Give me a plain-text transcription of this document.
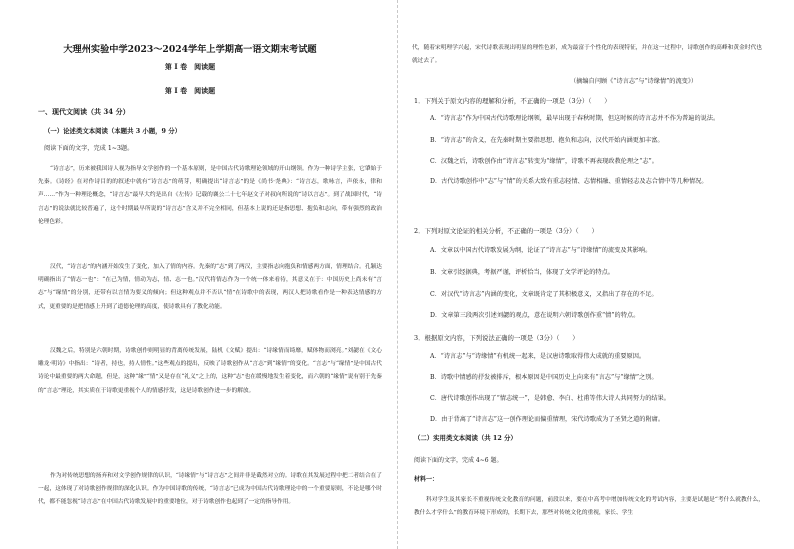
大理州实验中学2023～2024学年上学期高一语文期末考试题
第 I 卷　阅读题
第 I 卷　阅读题
一、现代文阅读（共 34 分）
（一）论述类文本阅读（本题共 3 小题，9 分）
阅读下面的文字，完成 1~3题。
“诗言志”，历来被我国诗人视为指导文学创作的一个基本原则，是中国古代诗歌理论领域的开山纲领。作为一种诗学主张，它肇始于先秦。《诗经》在对作诗目的的叙述中就有“诗言志”的萌芽，明确提出“诗言志”的是《尚书·尧典》：“诗言志，歌咏言，声依永，律和声……”作为一种理论概念，“诗言志”最早大约是出自《左传》记载的襄公二十七年赵文子对叔向所说的“诗以言志”。到了战国时代，“诗言志”的说法就比较普遍了，这个时期最早所说的“诗言志”含义并不完全相同，但基本上说的还是指思想、抱负和志向，带有强烈的政治伦理色彩。
汉代，“诗言志”的内涵开始发生了变化，加入了情的内容。先秦的“志”到了两汉，主要指志向抱负和情感两方面，情理结合。孔颖达明确指出了“情志一也”：“在己为情，情动为志，情、志一也。”汉代将情志作为一个统一体来看待，其意义在于：中国历史上尚未有“言志”与“缘情”的分别，还带有以言情为要义的倾向；但这种观点并不否认“情”在诗歌中的表现，两汉人把诗歌看作是一种表达情感的方式，更重要的是把情感上升到了道德伦理的高度，使诗歌具有了教化功能。
汉魏之后，特别是六朝时期，诗歌创作则明显的背离传统发展，陆机《文赋》提出：“诗缘情而绮靡，赋体物而浏亮。”刘勰在《文心雕龙·明诗》中指出：“诗者，持也，持人情性。”这些观点的提出，反映了诗歌创作从“言志”到“缘情”的变化。“言志”与“缘情”是中国古代诗论中最重要的两大命题，但是，这种“缘”“情”又是存在“礼义”之上的，这种“志”也在缓慢地发生着变化，而六朝的“缘情”说有别于先秦的“言志”理论，其实质在于诗歌更重视个人的情感抒发，这是诗歌创作进一步的解放。
作为对传统思想的扬弃和对文学创作规律的认识，“诗缘情”与“诗言志”之间并非是截然对立的。诗歌在其发展过程中把二者结合在了一起，这体现了对诗歌创作规律的深化认识。作为中国诗歌的传统，“诗言志”已成为中国古代诗歌理论中的一个重要原则，不论是哪个时代，都不能忽视“诗言志”在中国古代诗歌发展中的重要地位，对于诗歌创作也起到了一定的指导作用。
代，随着宋明理学兴起，宋代诗歌表现出明显的理性色彩，成为最富于个性化的表现特征，并在这一过程中，诗歌创作的高峰和黄金时代也就过去了。
（摘编自闫顾《“诗言志”与“诗缘情”的流变》）
1．下列关于原文内容的理解和分析，不正确的一项是（3分）（　　）
A．“诗言志”作为中国古代诗歌理论纲领，最早出现于春秋时期，但这时候的诗言志并不作为普遍的说法。
B．“诗言志”的含义，在先秦时期主要指思想、抱负和志向，汉代开始内涵更加丰富。
C．汉魏之后，诗歌创作由“诗言志”转变为“缘情”，诗歌不再表现政教伦理之“志”。
D．古代诗歌创作中“志”与“情”的关系大致有重志轻情、志情相融、重情轻志及志合情中等几种情况。
2．下列对原文论证的相关分析，不正确的一项是（3分）（　　）
A．文章以中国古代诗歌发展为纲，论证了“诗言志”与“诗缘情”的流变及其影响。
B．文章引经据典，考据严谨，评析恰当，体现了文学评论的特点。
C．对汉代“诗言志”内涵的变化，文章既肯定了其积极意义，又指出了存在的不足。
D．文章第三段两次引述刘勰的观点，意在说明六朝诗歌创作重“情”的特点。
3．根据原文内容，下列说法正确的一项是（3分）（　　）
A．“诗言志”与“诗缘情”有机统一起来，是汉唐诗歌取得伟大成就的重要原因。
B．诗歌中情感的抒发被排斥，根本原因是中国历史上向来有“言志”与“缘情”之别。
C．唐代诗歌创作出现了“情志统一”，是韩愈、李白、杜甫等伟大诗人共同努力的结果。
D．由于背离了“诗言志”这一创作理论而偏重情理，宋代诗歌成为了圣贤之道的附庸。
（二）实用类文本阅读（共 12 分）
阅读下面的文字，完成 4~6 题。
材料一：
科对学生及其家长不重视传统文化教育的问题，前段以来，要在中高考中增加传统文化的考试内容，主要是试题是“考什么就教什么，教什么才学什么”的教育环境下形成的，长期下去，那些对传统文化的重视，家长、学生
